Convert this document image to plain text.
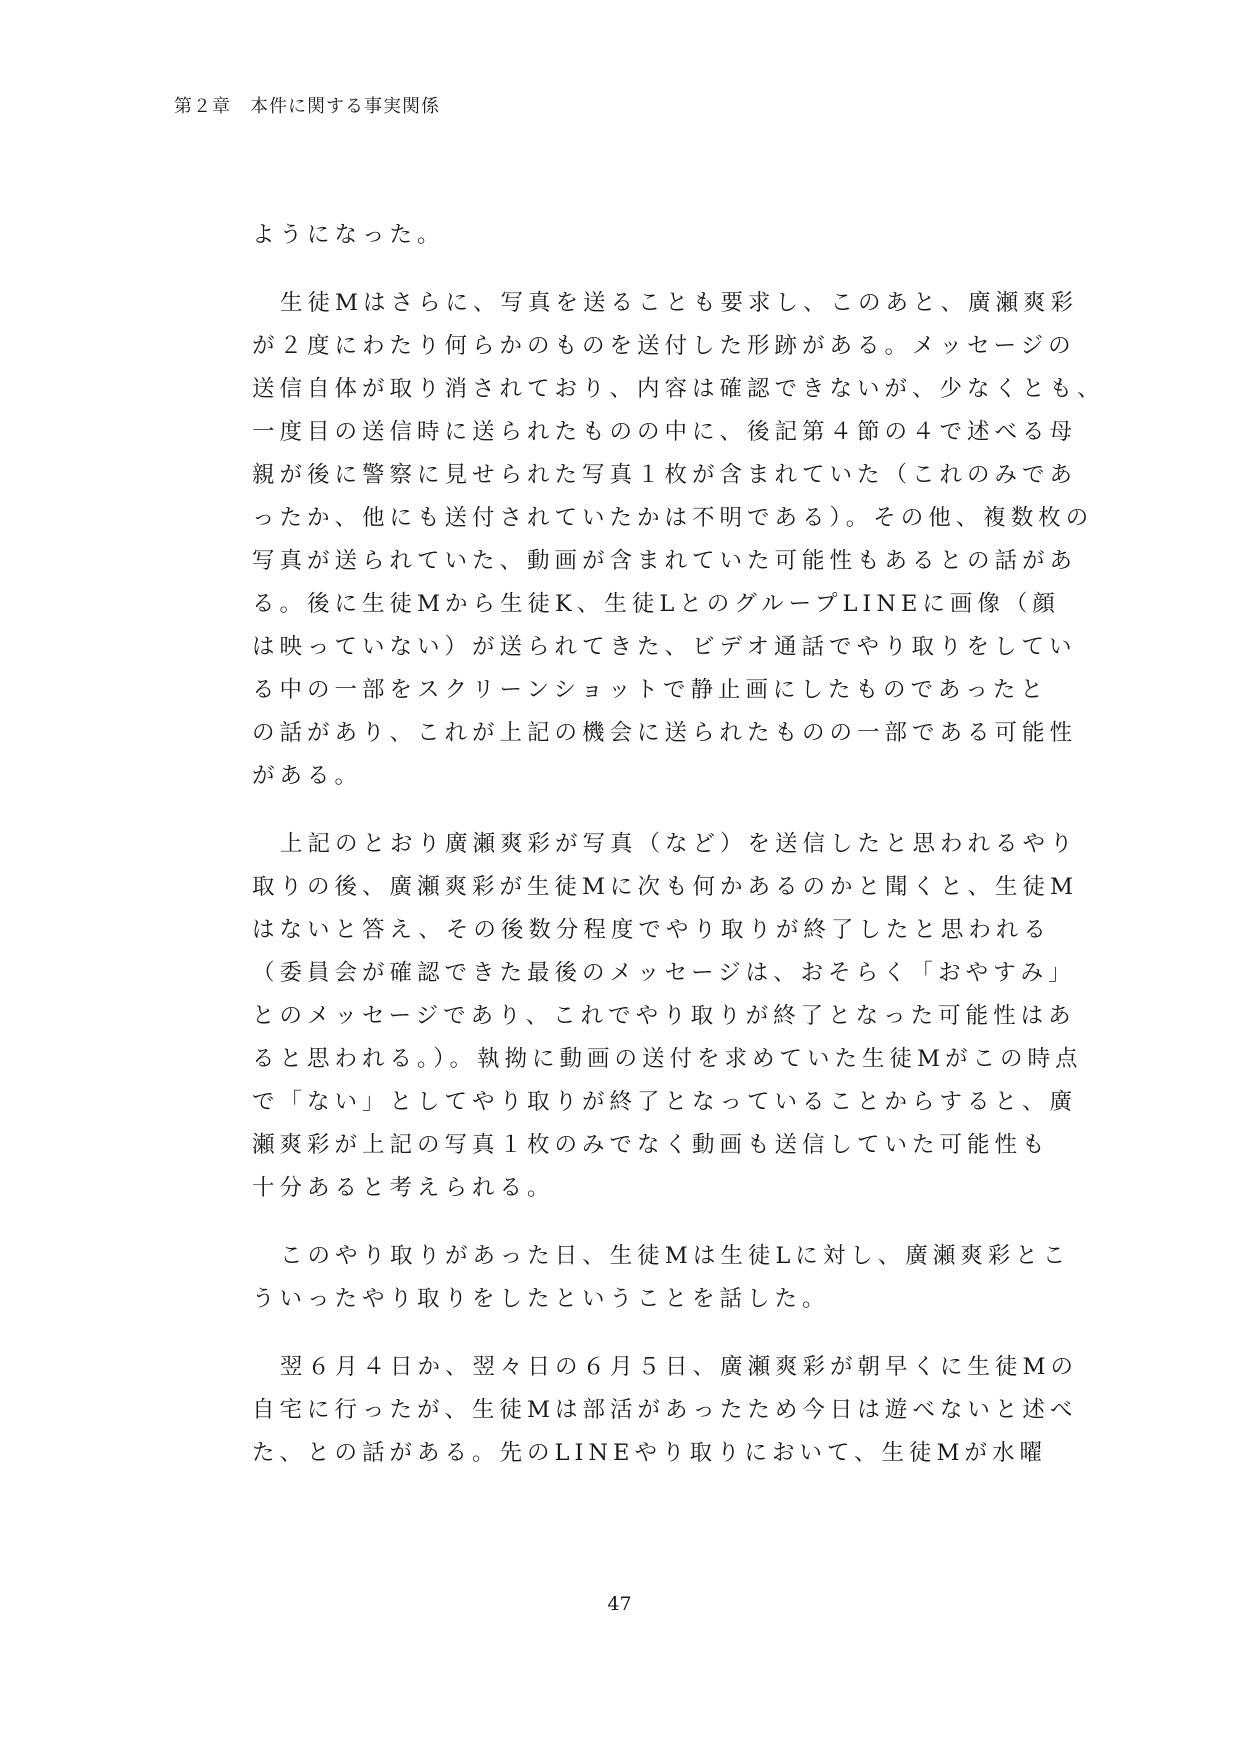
第２章　本件に関する事実関係
ようになった。
生徒Mはさらに、写真を送ることも要求し、このあと、廣瀬爽彩
が２度にわたり何らかのものを送付した形跡がある。メッセージの
送信自体が取り消されており、内容は確認できないが、少なくとも、
一度目の送信時に送られたものの中に、後記第４節の４で述べる母
親が後に警察に見せられた写真１枚が含まれていた（これのみであ
ったか、他にも送付されていたかは不明である）。その他、複数枚の
写真が送られていた、動画が含まれていた可能性もあるとの話があ
る。後に生徒Mから生徒K、生徒LとのグループLINEに画像（顔
は映っていない）が送られてきた、ビデオ通話でやり取りをしてい
る中の一部をスクリーンショットで静止画にしたものであったと
の話があり、これが上記の機会に送られたものの一部である可能性
がある。
上記のとおり廣瀬爽彩が写真（など）を送信したと思われるやり
取りの後、廣瀬爽彩が生徒Mに次も何かあるのかと聞くと、生徒M
はないと答え、その後数分程度でやり取りが終了したと思われる
（委員会が確認できた最後のメッセージは、おそらく「おやすみ」
とのメッセージであり、これでやり取りが終了となった可能性はあ
ると思われる。）。執拗に動画の送付を求めていた生徒Mがこの時点
で「ない」としてやり取りが終了となっていることからすると、廣
瀬爽彩が上記の写真１枚のみでなく動画も送信していた可能性も
十分あると考えられる。
このやり取りがあった日、生徒Mは生徒Lに対し、廣瀬爽彩とこ
ういったやり取りをしたということを話した。
翌６月４日か、翌々日の６月５日、廣瀬爽彩が朝早くに生徒Mの
自宅に行ったが、生徒Mは部活があったため今日は遊べないと述べ
た、との話がある。先のLINEやり取りにおいて、生徒Mが水曜
47
